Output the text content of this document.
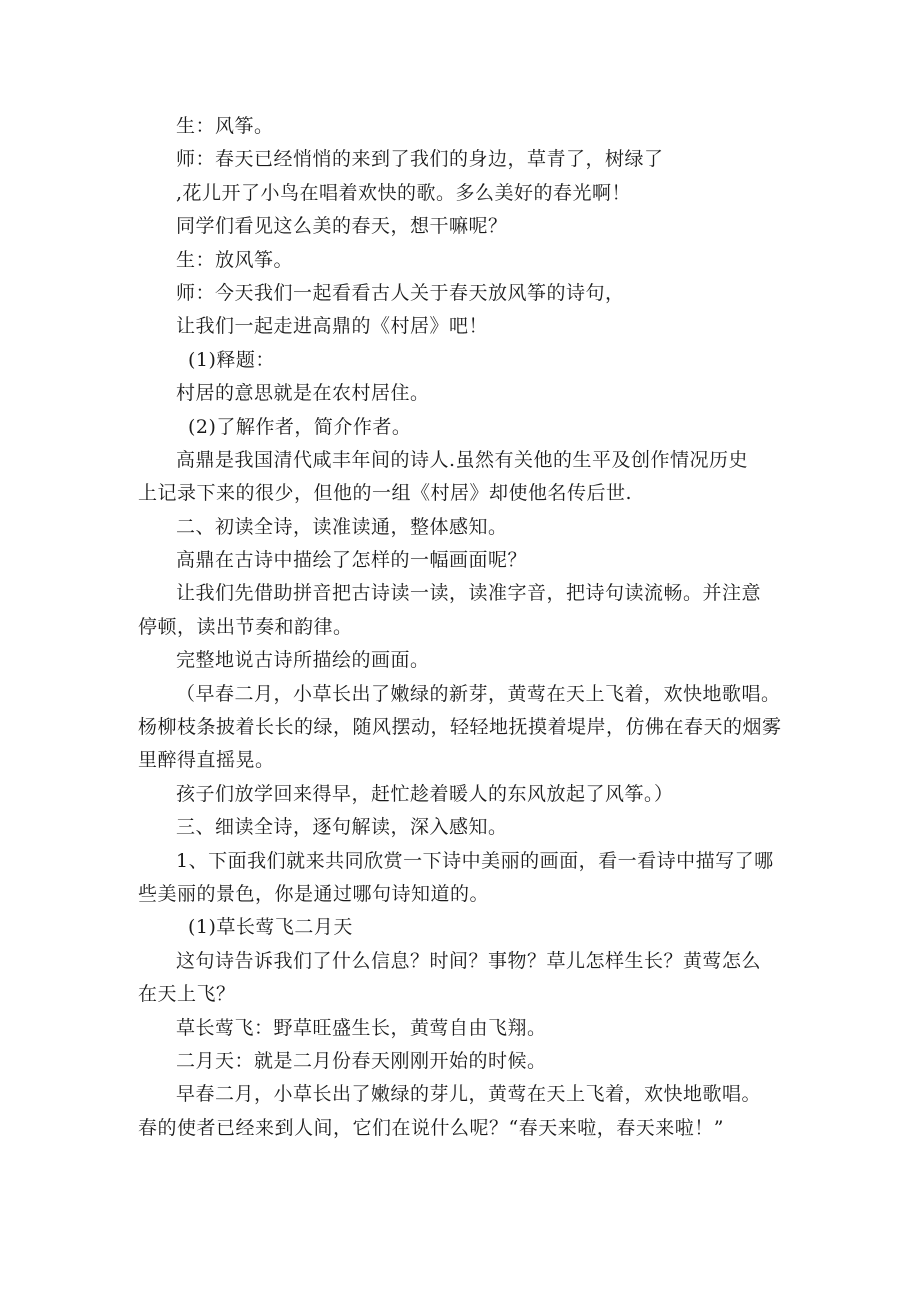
生：风筝。
师：春天已经悄悄的来到了我们的身边，草青了，树绿了
,花儿开了小鸟在唱着欢快的歌。多么美好的春光啊！
同学们看见这么美的春天，想干嘛呢？
生：放风筝。
师：今天我们一起看看古人关于春天放风筝的诗句，
让我们一起走进高鼎的《村居》吧！
(1)释题：
村居的意思就是在农村居住。
(2)了解作者，简介作者。
高鼎是我国清代咸丰年间的诗人.虽然有关他的生平及创作情况历史
上记录下来的很少，但他的一组《村居》却使他名传后世.
二、初读全诗，读准读通，整体感知。
高鼎在古诗中描绘了怎样的一幅画面呢？
让我们先借助拼音把古诗读一读，读准字音，把诗句读流畅。并注意
停顿，读出节奏和韵律。
完整地说古诗所描绘的画面。
（早春二月，小草长出了嫩绿的新芽，黄莺在天上飞着，欢快地歌唱。
杨柳枝条披着长长的绿，随风摆动，轻轻地抚摸着堤岸，仿佛在春天的烟雾
里醉得直摇晃。
孩子们放学回来得早，赶忙趁着暖人的东风放起了风筝。）
三、细读全诗，逐句解读，深入感知。
1、下面我们就来共同欣赏一下诗中美丽的画面，看一看诗中描写了哪
些美丽的景色，你是通过哪句诗知道的。
(1)草长莺飞二月天
这句诗告诉我们了什么信息？时间？事物？草儿怎样生长？黄莺怎么
在天上飞？
草长莺飞：野草旺盛生长，黄莺自由飞翔。
二月天：就是二月份春天刚刚开始的时候。
早春二月，小草长出了嫩绿的芽儿，黄莺在天上飞着，欢快地歌唱。
春的使者已经来到人间，它们在说什么呢？“春天来啦，春天来啦！”
